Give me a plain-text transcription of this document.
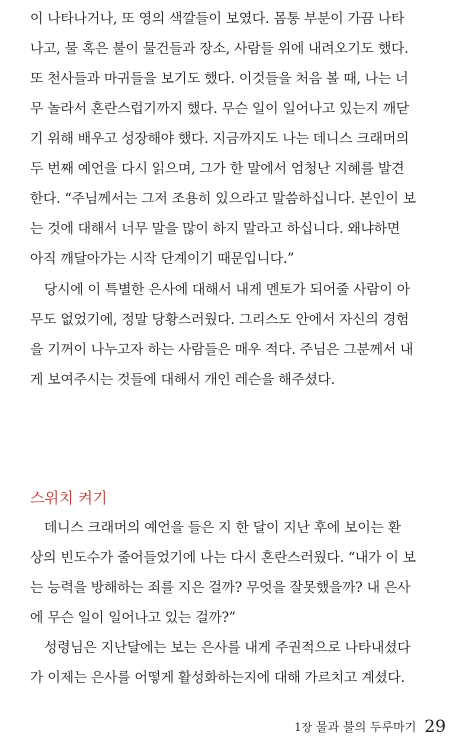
이 나타나거나, 또 영의 색깔들이 보였다. 몸통 부분이 가끔 나타
나고, 물 혹은 불이 물건들과 장소, 사람들 위에 내려오기도 했다.
또 천사들과 마귀들을 보기도 했다. 이것들을 처음 볼 때, 나는 너
무 놀라서 혼란스럽기까지 했다. 무슨 일이 일어나고 있는지 깨닫
기 위해 배우고 성장해야 했다. 지금까지도 나는 데니스 크래머의
두 번째 예언을 다시 읽으며, 그가 한 말에서 엄청난 지혜를 발견
한다. “주님께서는 그저 조용히 있으라고 말씀하십니다. 본인이 보
는 것에 대해서 너무 말을 많이 하지 말라고 하십니다. 왜냐하면
아직 깨달아가는 시작 단계이기 때문입니다.”
당시에 이 특별한 은사에 대해서 내게 멘토가 되어줄 사람이 아
무도 없었기에, 정말 당황스러웠다. 그리스도 안에서 자신의 경험
을 기꺼이 나누고자 하는 사람들은 매우 적다. 주님은 그분께서 내
게 보여주시는 것들에 대해서 개인 레슨을 해주셨다.
스위치 켜기
데니스 크래머의 예언을 들은 지 한 달이 지난 후에 보이는 환
상의 빈도수가 줄어들었기에 나는 다시 혼란스러웠다. “내가 이 보
는 능력을 방해하는 죄를 지은 걸까? 무엇을 잘못했을까? 내 은사
에 무슨 일이 일어나고 있는 걸까?”
성령님은 지난달에는 보는 은사를 내게 주권적으로 나타내셨다
가 이제는 은사를 어떻게 활성화하는지에 대해 가르치고 계셨다.
1장 물과 불의 두루마기 29
